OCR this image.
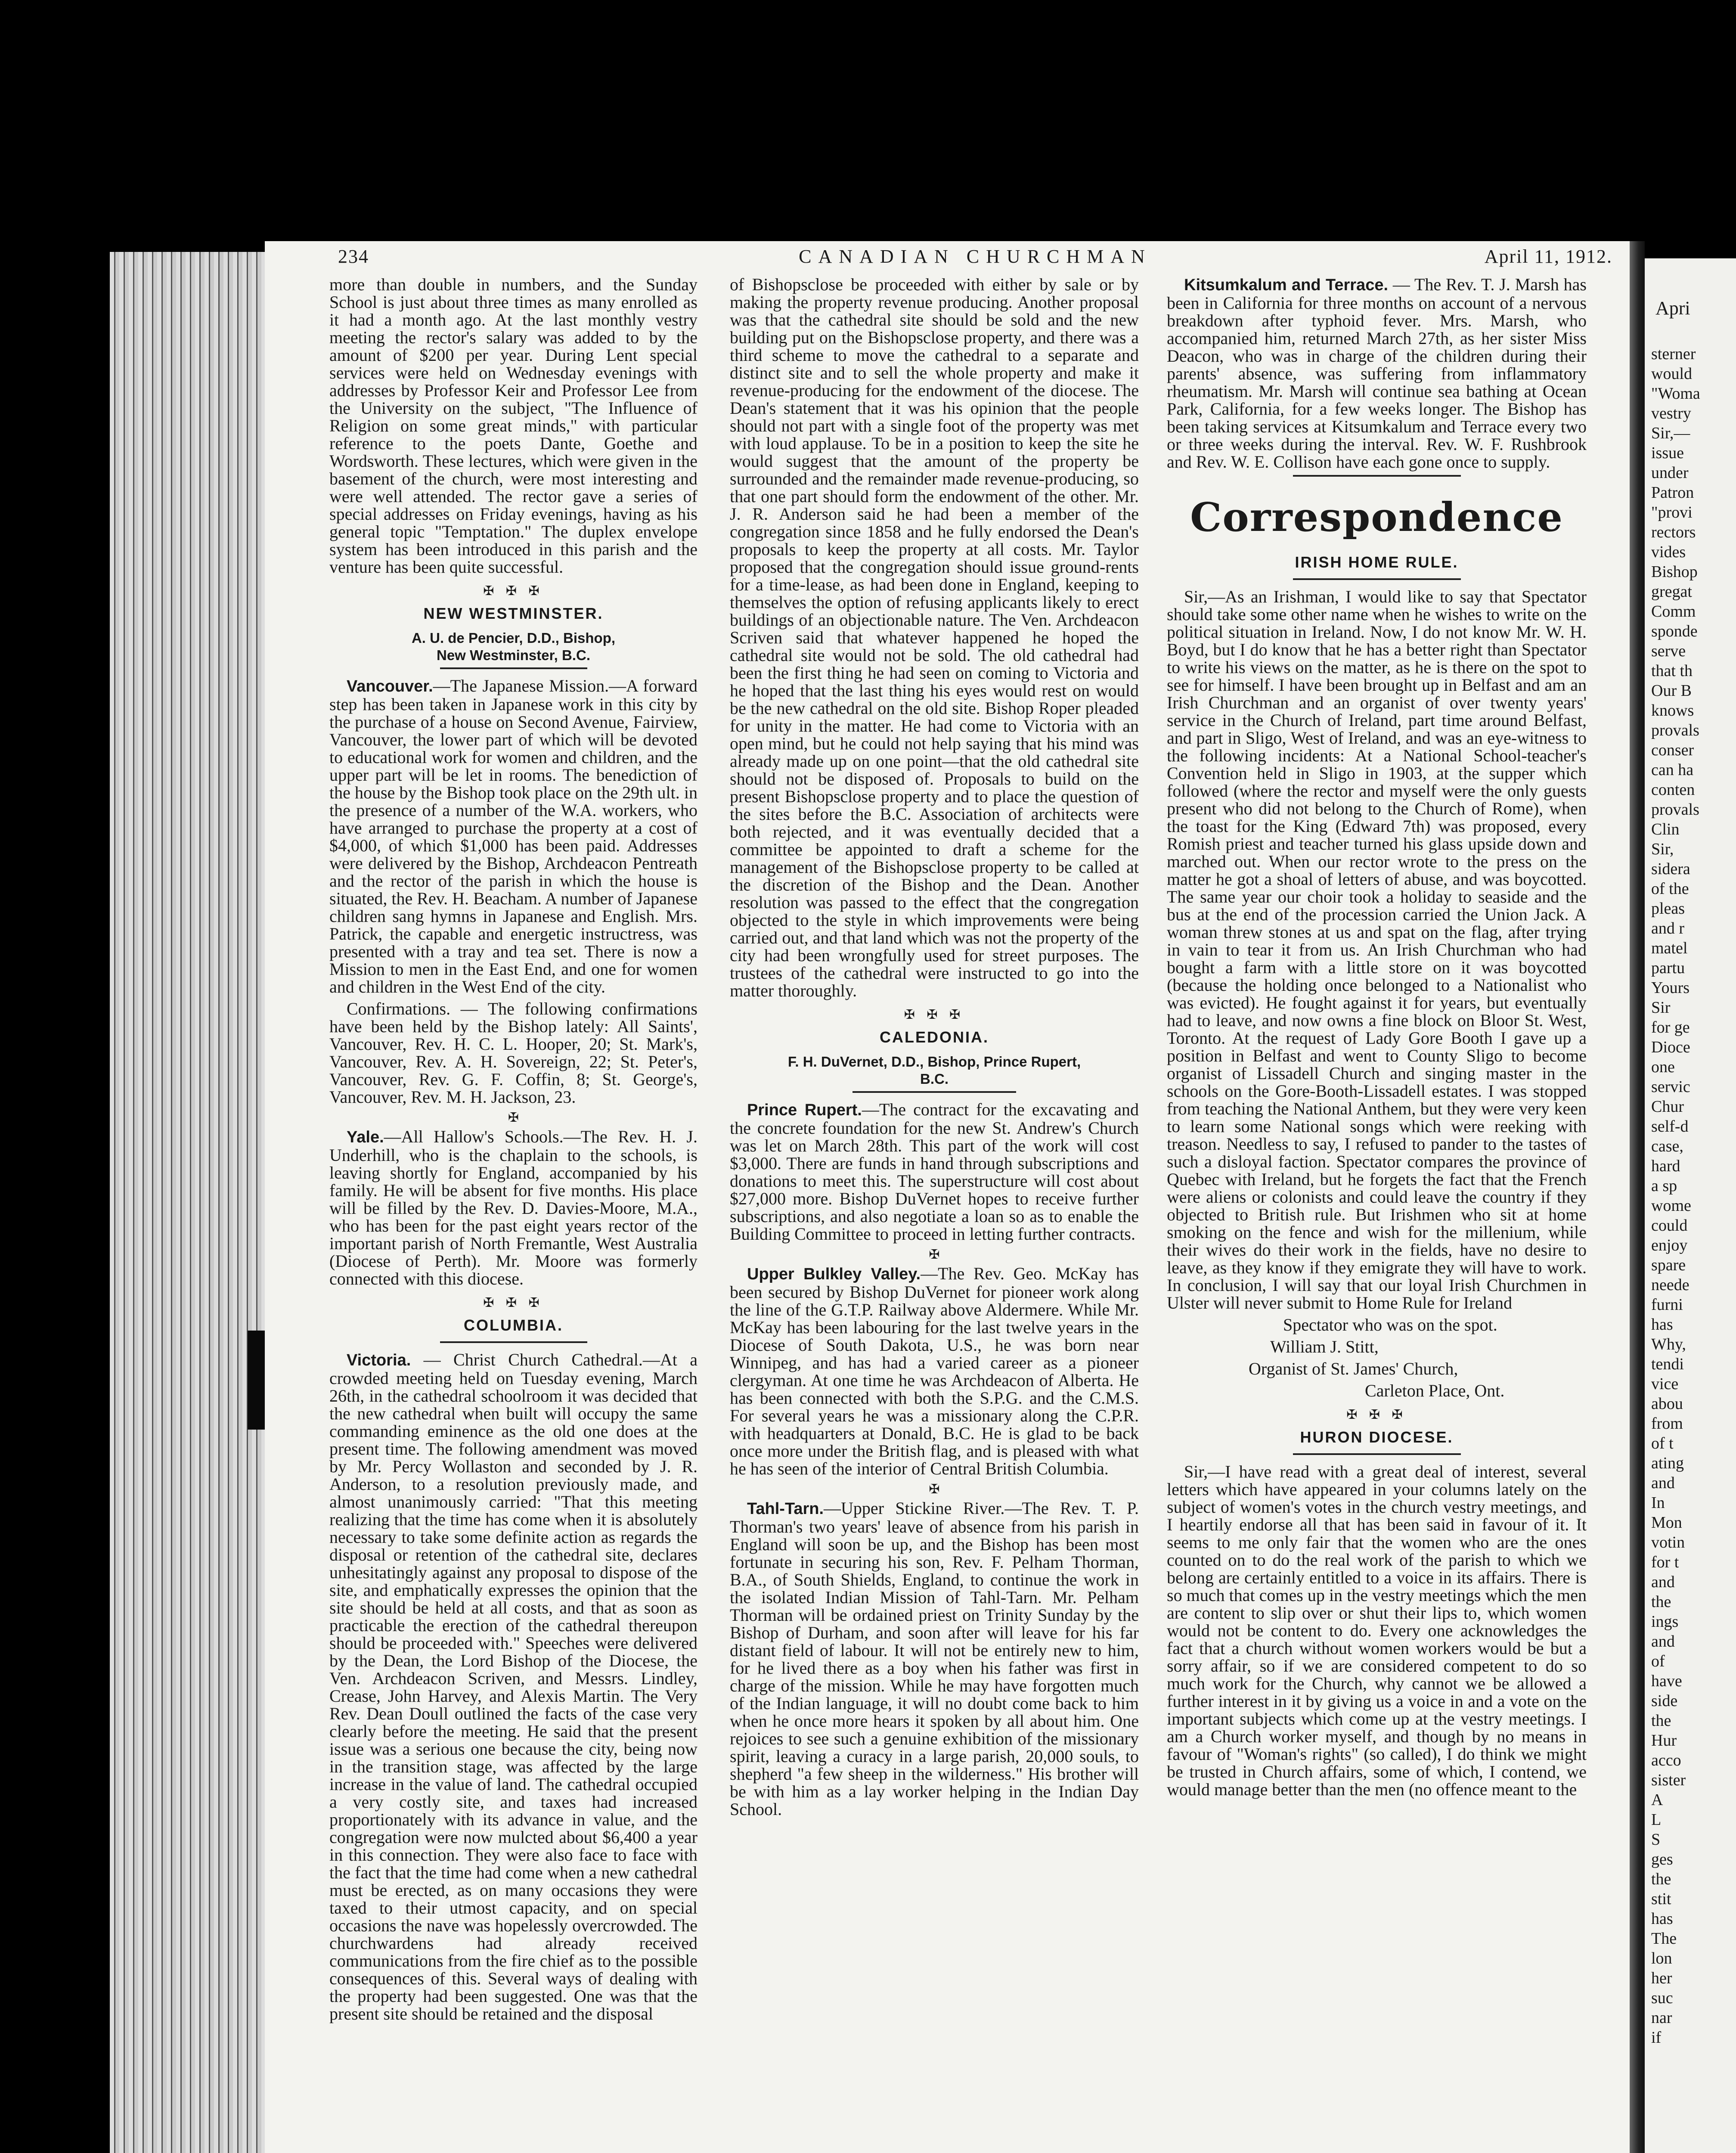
234	CANADIAN CHURCHMAN	April 11, 1912.

more than double in numbers, and the Sunday School is just about three times as many enrolled as it had a month ago. At the last monthly vestry meeting the rector's salary was added to by the amount of $200 per year. During Lent special services were held on Wednesday evenings with addresses by Professor Keir and Professor Lee from the University on the subject, "The Influence of Religion on some great minds," with particular reference to the poets Dante, Goethe and Wordsworth. These lectures, which were given in the basement of the church, were most interesting and were well attended. The rector gave a series of special addresses on Friday evenings, having as his general topic "Temptation." The duplex envelope system has been introduced in this parish and the venture has been quite successful.

✠ ✠ ✠
NEW WESTMINSTER.
A. U. de Pencier, D.D., Bishop,
New Westminster, B.C.

Vancouver.—The Japanese Mission.—A forward step has been taken in Japanese work in this city by the purchase of a house on Second Avenue, Fairview, Vancouver, the lower part of which will be devoted to educational work for women and children, and the upper part will be let in rooms. The benediction of the house by the Bishop took place on the 29th ult. in the presence of a number of the W.A. workers, who have arranged to purchase the property at a cost of $4,000, of which $1,000 has been paid. Addresses were delivered by the Bishop, Archdeacon Pentreath and the rector of the parish in which the house is situated, the Rev. H. Beacham. A number of Japanese children sang hymns in Japanese and English. Mrs. Patrick, the capable and energetic instructress, was presented with a tray and tea set. There is now a Mission to men in the East End, and one for women and children in the West End of the city.

Confirmations. — The following confirmations have been held by the Bishop lately: All Saints', Vancouver, Rev. H. C. L. Hooper, 20; St. Mark's, Vancouver, Rev. A. H. Sovereign, 22; St. Peter's, Vancouver, Rev. G. F. Coffin, 8; St. George's, Vancouver, Rev. M. H. Jackson, 23.

✠

Yale.—All Hallow's Schools.—The Rev. H. J. Underhill, who is the chaplain to the schools, is leaving shortly for England, accompanied by his family. He will be absent for five months. His place will be filled by the Rev. D. Davies-Moore, M.A., who has been for the past eight years rector of the important parish of North Fremantle, West Australia (Diocese of Perth). Mr. Moore was formerly connected with this diocese.

✠ ✠ ✠
COLUMBIA.

Victoria. — Christ Church Cathedral.—At a crowded meeting held on Tuesday evening, March 26th, in the cathedral schoolroom it was decided that the new cathedral when built will occupy the same commanding eminence as the old one does at the present time. The following amendment was moved by Mr. Percy Wollaston and seconded by J. R. Anderson, to a resolution previously made, and almost unanimously carried: "That this meeting realizing that the time has come when it is absolutely necessary to take some definite action as regards the disposal or retention of the cathedral site, declares unhesitatingly against any proposal to dispose of the site, and emphatically expresses the opinion that the site should be held at all costs, and that as soon as practicable the erection of the cathedral thereupon should be proceeded with." Speeches were delivered by the Dean, the Lord Bishop of the Diocese, the Ven. Archdeacon Scriven, and Messrs. Lindley, Crease, John Harvey, and Alexis Martin. The Very Rev. Dean Doull outlined the facts of the case very clearly before the meeting. He said that the present issue was a serious one because the city, being now in the transition stage, was affected by the large increase in the value of land. The cathedral occupied a very costly site, and taxes had increased proportionately with its advance in value, and the congregation were now mulcted about $6,400 a year in this connection. They were also face to face with the fact that the time had come when a new cathedral must be erected, as on many occasions they were taxed to their utmost capacity, and on special occasions the nave was hopelessly overcrowded. The churchwardens had already received communications from the fire chief as to the possible consequences of this. Several ways of dealing with the property had been suggested. One was that the present site should be retained and the disposal

of Bishopsclose be proceeded with either by sale or by making the property revenue producing. Another proposal was that the cathedral site should be sold and the new building put on the Bishopsclose property, and there was a third scheme to move the cathedral to a separate and distinct site and to sell the whole property and make it revenue-producing for the endowment of the diocese. The Dean's statement that it was his opinion that the people should not part with a single foot of the property was met with loud applause. To be in a position to keep the site he would suggest that the amount of the property be surrounded and the remainder made revenue-producing, so that one part should form the endowment of the other. Mr. J. R. Anderson said he had been a member of the congregation since 1858 and he fully endorsed the Dean's proposals to keep the property at all costs. Mr. Taylor proposed that the congregation should issue ground-rents for a time-lease, as had been done in England, keeping to themselves the option of refusing applicants likely to erect buildings of an objectionable nature. The Ven. Archdeacon Scriven said that whatever happened he hoped the cathedral site would not be sold. The old cathedral had been the first thing he had seen on coming to Victoria and he hoped that the last thing his eyes would rest on would be the new cathedral on the old site. Bishop Roper pleaded for unity in the matter. He had come to Victoria with an open mind, but he could not help saying that his mind was already made up on one point—that the old cathedral site should not be disposed of. Proposals to build on the present Bishopsclose property and to place the question of the sites before the B.C. Association of architects were both rejected, and it was eventually decided that a committee be appointed to draft a scheme for the management of the Bishopsclose property to be called at the discretion of the Bishop and the Dean. Another resolution was passed to the effect that the congregation objected to the style in which improvements were being carried out, and that land which was not the property of the city had been wrongfully used for street purposes. The trustees of the cathedral were instructed to go into the matter thoroughly.

✠ ✠ ✠
CALEDONIA.
F. H. DuVernet, D.D., Bishop, Prince Rupert,
B.C.

Prince Rupert.—The contract for the excavating and the concrete foundation for the new St. Andrew's Church was let on March 28th. This part of the work will cost $3,000. There are funds in hand through subscriptions and donations to meet this. The superstructure will cost about $27,000 more. Bishop DuVernet hopes to receive further subscriptions, and also negotiate a loan so as to enable the Building Committee to proceed in letting further contracts.

✠

Upper Bulkley Valley.—The Rev. Geo. McKay has been secured by Bishop DuVernet for pioneer work along the line of the G.T.P. Railway above Aldermere. While Mr. McKay has been labouring for the last twelve years in the Diocese of South Dakota, U.S., he was born near Winnipeg, and has had a varied career as a pioneer clergyman. At one time he was Archdeacon of Alberta. He has been connected with both the S.P.G. and the C.M.S. For several years he was a missionary along the C.P.R. with headquarters at Donald, B.C. He is glad to be back once more under the British flag, and is pleased with what he has seen of the interior of Central British Columbia.

✠

Tahl-Tarn.—Upper Stickine River.—The Rev. T. P. Thorman's two years' leave of absence from his parish in England will soon be up, and the Bishop has been most fortunate in securing his son, Rev. F. Pelham Thorman, B.A., of South Shields, England, to continue the work in the isolated Indian Mission of Tahl-Tarn. Mr. Pelham Thorman will be ordained priest on Trinity Sunday by the Bishop of Durham, and soon after will leave for his far distant field of labour. It will not be entirely new to him, for he lived there as a boy when his father was first in charge of the mission. While he may have forgotten much of the Indian language, it will no doubt come back to him when he once more hears it spoken by all about him. One rejoices to see such a genuine exhibition of the missionary spirit, leaving a curacy in a large parish, 20,000 souls, to shepherd "a few sheep in the wilderness." His brother will be with him as a lay worker helping in the Indian Day School.

Kitsumkalum and Terrace. — The Rev. T. J. Marsh has been in California for three months on account of a nervous breakdown after typhoid fever. Mrs. Marsh, who accompanied him, returned March 27th, as her sister Miss Deacon, who was in charge of the children during their parents' absence, was suffering from inflammatory rheumatism. Mr. Marsh will continue sea bathing at Ocean Park, California, for a few weeks longer. The Bishop has been taking services at Kitsumkalum and Terrace every two or three weeks during the interval. Rev. W. F. Rushbrook and Rev. W. E. Collison have each gone once to supply.

Correspondence
IRISH HOME RULE.

Sir,—As an Irishman, I would like to say that Spectator should take some other name when he wishes to write on the political situation in Ireland. Now, I do not know Mr. W. H. Boyd, but I do know that he has a better right than Spectator to write his views on the matter, as he is there on the spot to see for himself. I have been brought up in Belfast and am an Irish Churchman and an organist of over twenty years' service in the Church of Ireland, part time around Belfast, and part in Sligo, West of Ireland, and was an eye-witness to the following incidents: At a National School-teacher's Convention held in Sligo in 1903, at the supper which followed (where the rector and myself were the only guests present who did not belong to the Church of Rome), when the toast for the King (Edward 7th) was proposed, every Romish priest and teacher turned his glass upside down and marched out. When our rector wrote to the press on the matter he got a shoal of letters of abuse, and was boycotted. The same year our choir took a holiday to seaside and the bus at the end of the procession carried the Union Jack. A woman threw stones at us and spat on the flag, after trying in vain to tear it from us. An Irish Churchman who had bought a farm with a little store on it was boycotted (because the holding once belonged to a Nationalist who was evicted). He fought against it for years, but eventually had to leave, and now owns a fine block on Bloor St. West, Toronto. At the request of Lady Gore Booth I gave up a position in Belfast and went to County Sligo to become organist of Lissadell Church and singing master in the schools on the Gore-Booth-Lissadell estates. I was stopped from teaching the National Anthem, but they were very keen to learn some National songs which were reeking with treason. Needless to say, I refused to pander to the tastes of such a disloyal faction. Spectator compares the province of Quebec with Ireland, but he forgets the fact that the French were aliens or colonists and could leave the country if they objected to British rule. But Irishmen who sit at home smoking on the fence and wish for the millenium, while their wives do their work in the fields, have no desire to leave, as they know if they emigrate they will have to work. In conclusion, I will say that our loyal Irish Churchmen in Ulster will never submit to Home Rule for Ireland

Spectator who was on the spot.

William J. Stitt,

Organist of St. James' Church,

Carleton Place, Ont.

✠ ✠ ✠
HURON DIOCESE.

Sir,—I have read with a great deal of interest, several letters which have appeared in your columns lately on the subject of women's votes in the church vestry meetings, and I heartily endorse all that has been said in favour of it. It seems to me only fair that the women who are the ones counted on to do the real work of the parish to which we belong are certainly entitled to a voice in its affairs. There is so much that comes up in the vestry meetings which the men are content to slip over or shut their lips to, which women would not be content to do. Every one acknowledges the fact that a church without women workers would be but a sorry affair, so if we are considered competent to do so much work for the Church, why cannot we be allowed a further interest in it by giving us a voice in and a vote on the important subjects which come up at the vestry meetings. I am a Church worker myself, and though by no means in favour of "Woman's rights" (so called), I do think we might be trusted in Church affairs, some of which, I contend, we would manage better than the men (no offence meant to the

Apri
sterner
would
"Woma
vestry
Sir,—
issue
under
Patron
"provi
rectors
vides
Bishop
gregat
Comm
sponde
serve
that th
Our B
knows
provals
conser
can ha
conten
provals
Clin
Sir,
sidera
of the
pleas
and r
matel
partu
Yours
Sir
for ge
Dioce
one
servic
Chur
self-d
case,
hard
a sp
wome
could
enjoy
spare
neede
furni
has
Why,
tendi
vice
abou
from
of t
ating
and
In
Mon
votin
for t
and
the
ings
and
of
have
side
the
Hur
acco
sister
A
L
S
ges
the
stit
has
The
lon
her
suc
nar
if
